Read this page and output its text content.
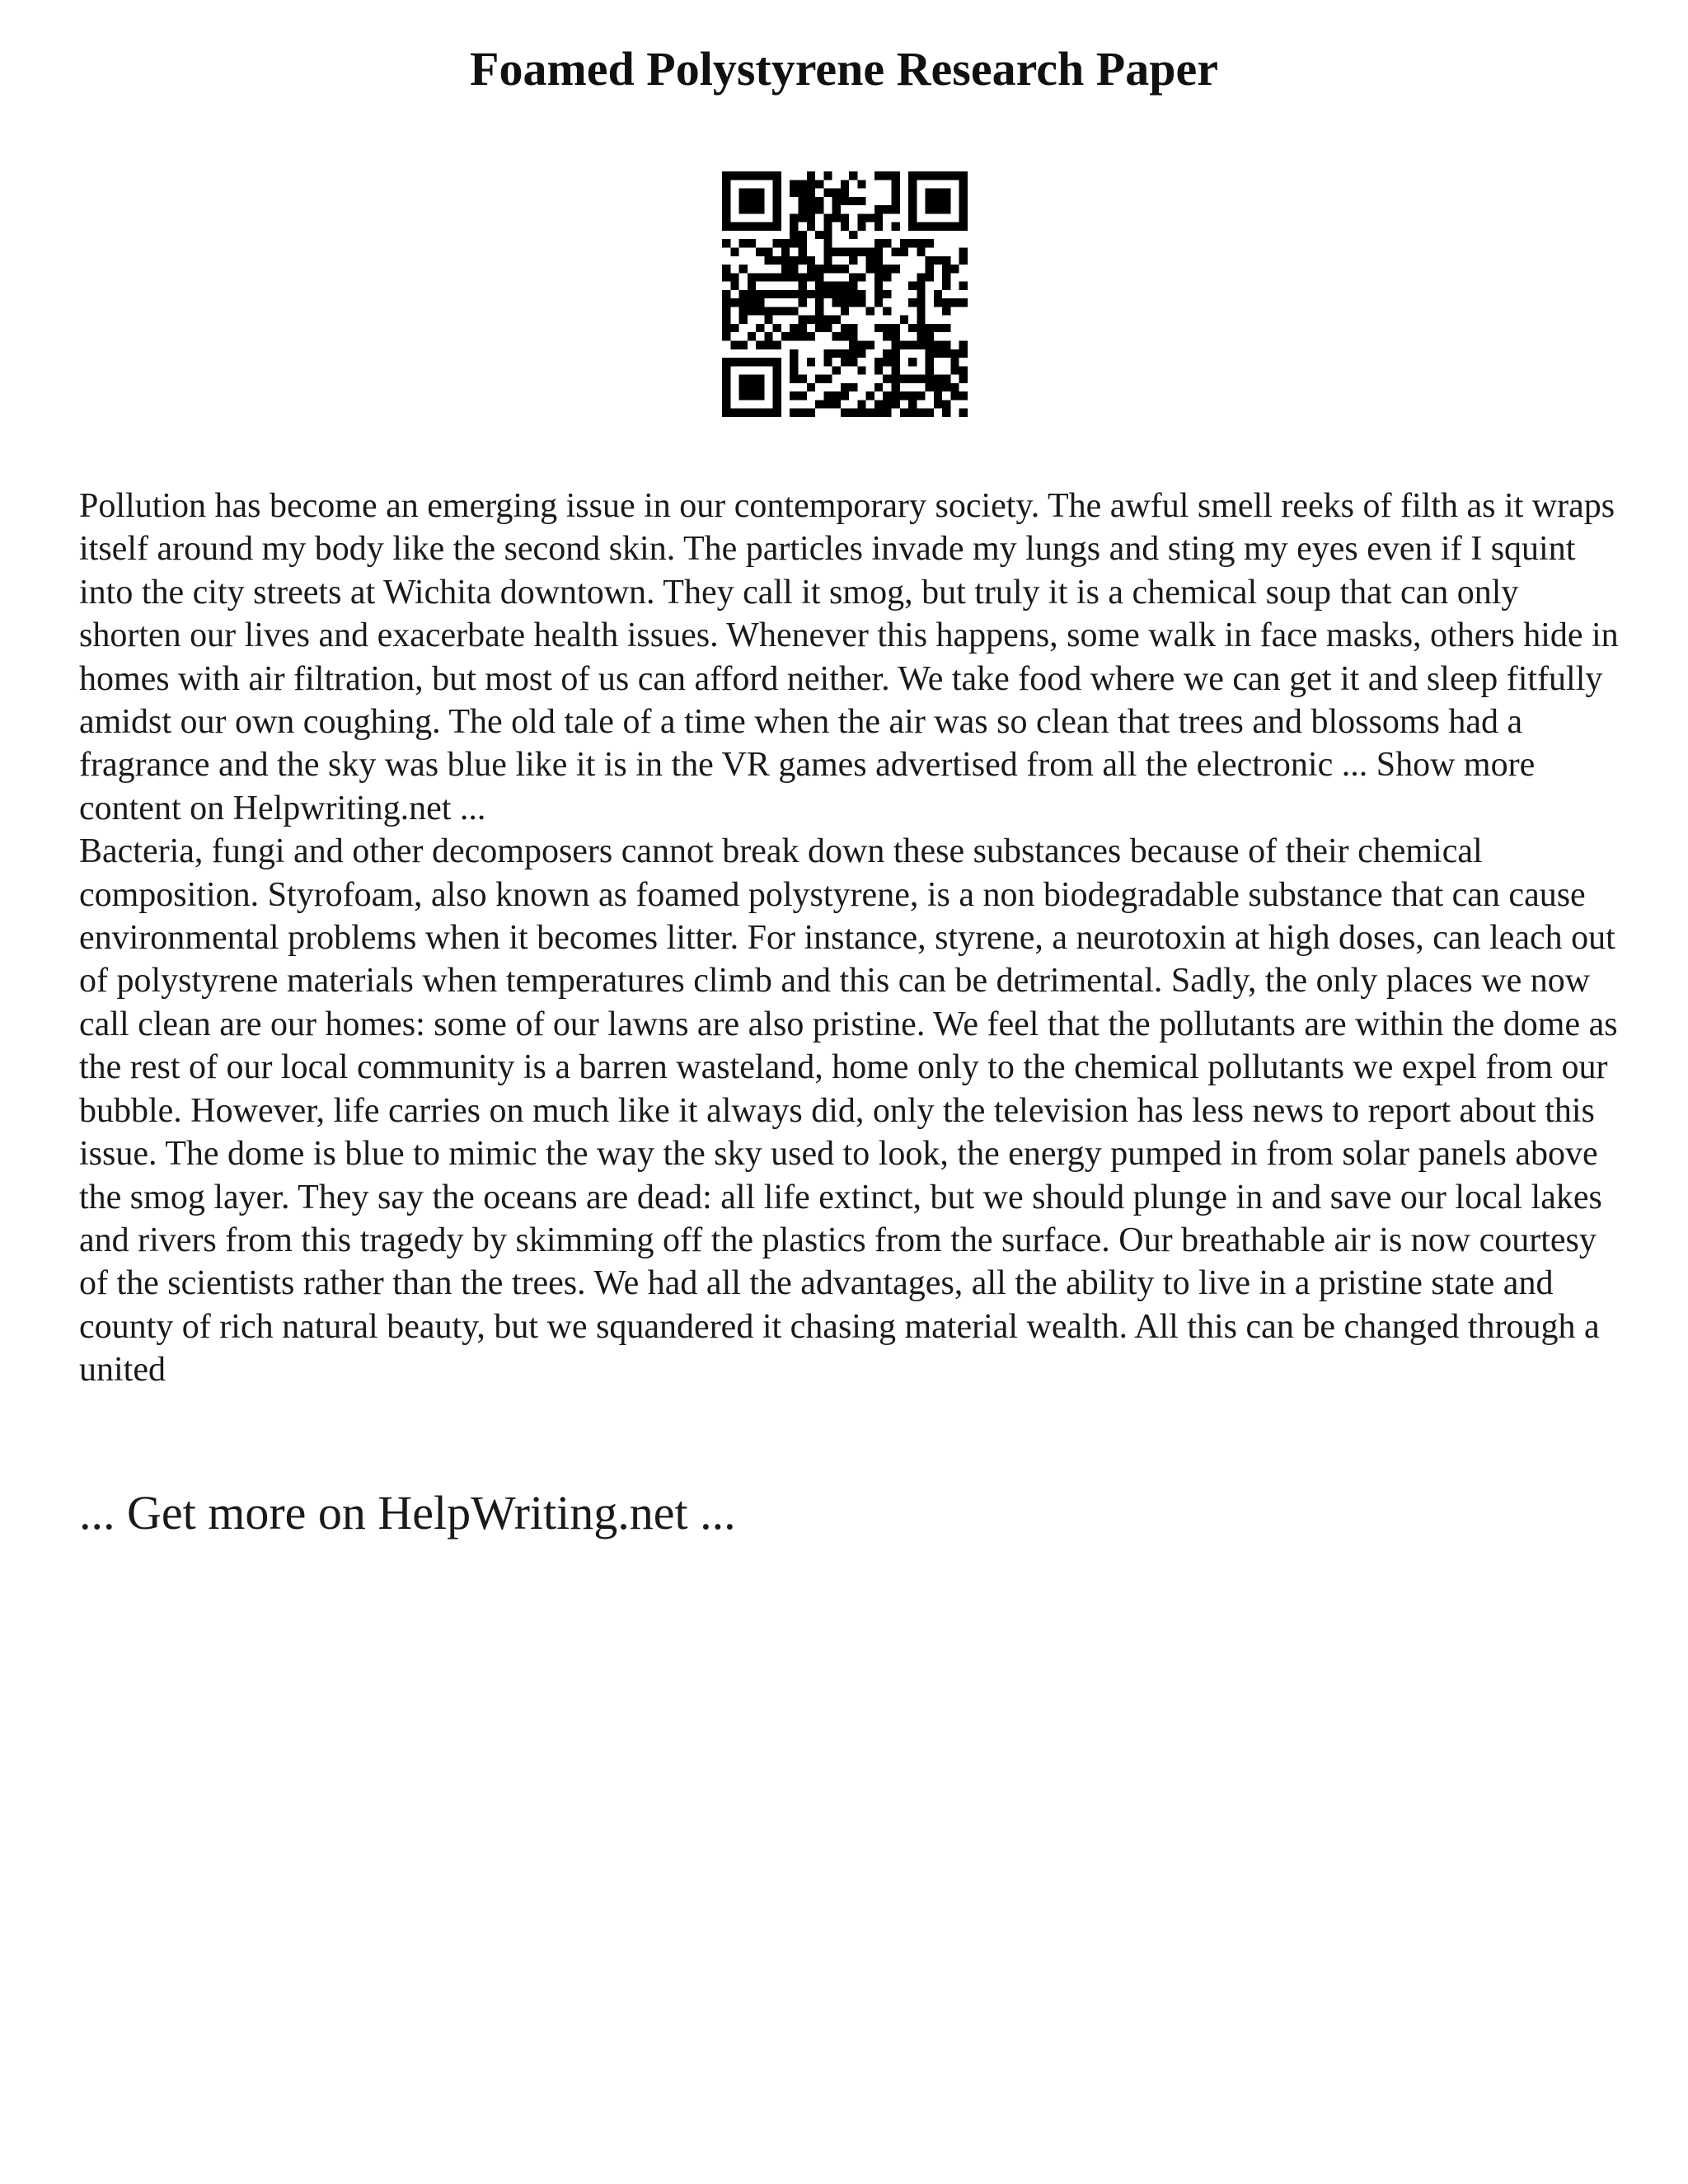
Foamed Polystyrene Research Paper

Pollution has become an emerging issue in our contemporary society. The awful smell reeks of filth as it wraps itself around my body like the second skin. The particles invade my lungs and sting my eyes even if I squint into the city streets at Wichita downtown. They call it smog, but truly it is a chemical soup that can only shorten our lives and exacerbate health issues. Whenever this happens, some walk in face masks, others hide in homes with air filtration, but most of us can afford neither. We take food where we can get it and sleep fitfully amidst our own coughing. The old tale of a time when the air was so clean that trees and blossoms had a fragrance and the sky was blue like it is in the VR games advertised from all the electronic ... Show more content on Helpwriting.net ...

Bacteria, fungi and other decomposers cannot break down these substances because of their chemical composition. Styrofoam, also known as foamed polystyrene, is a non biodegradable substance that can cause environmental problems when it becomes litter. For instance, styrene, a neurotoxin at high doses, can leach out of polystyrene materials when temperatures climb and this can be detrimental. Sadly, the only places we now call clean are our homes: some of our lawns are also pristine. We feel that the pollutants are within the dome as the rest of our local community is a barren wasteland, home only to the chemical pollutants we expel from our bubble. However, life carries on much like it always did, only the television has less news to report about this issue. The dome is blue to mimic the way the sky used to look, the energy pumped in from solar panels above the smog layer. They say the oceans are dead: all life extinct, but we should plunge in and save our local lakes and rivers from this tragedy by skimming off the plastics from the surface. Our breathable air is now courtesy of the scientists rather than the trees. We had all the advantages, all the ability to live in a pristine state and county of rich natural beauty, but we squandered it chasing material wealth. All this can be changed through a united

... Get more on HelpWriting.net ...
